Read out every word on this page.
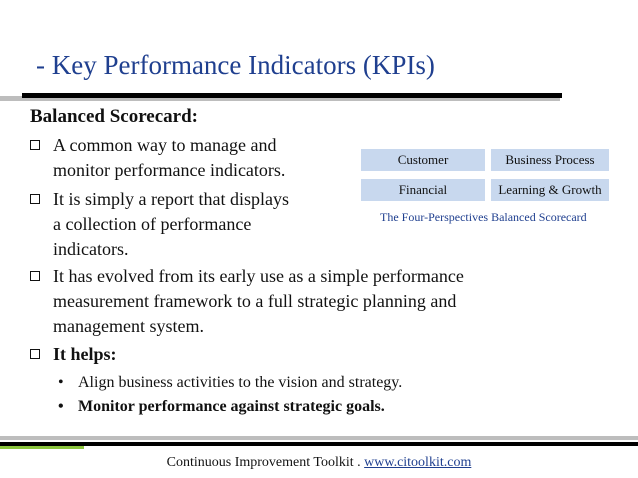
- Key Performance Indicators (KPIs)
Balanced Scorecard:
A common way to manage and
monitor performance indicators.
It is simply a report that displays
a collection of performance
indicators.
It has evolved from its early use as a simple performance
measurement framework to a full strategic planning and
management system.
It helps:
• Align business activities to the vision and strategy.
• Monitor performance against strategic goals.
Customer	Business Process
Financial	Learning & Growth
The Four-Perspectives Balanced Scorecard
Continuous Improvement Toolkit . www.citoolkit.com
